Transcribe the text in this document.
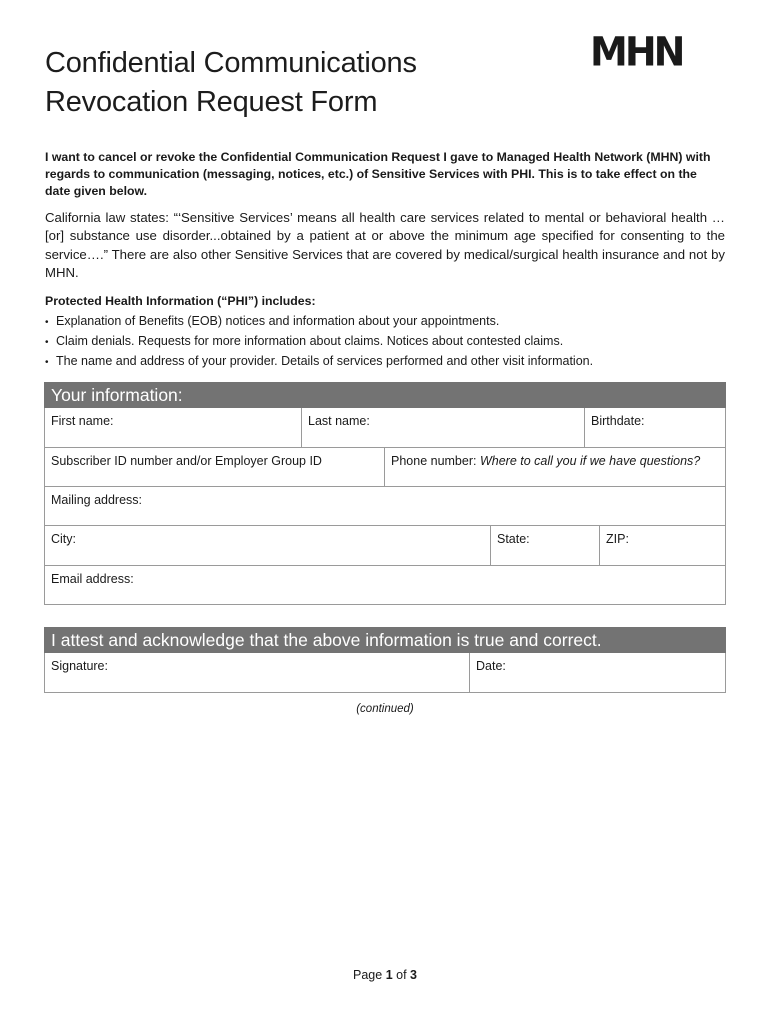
Confidential Communications
Revocation Request Form
MHN

I want to cancel or revoke the Confidential Communication Request I gave to Managed Health Network (MHN) with regards to communication (messaging, notices, etc.) of Sensitive Services with PHI. This is to take effect on the date given below.

California law states: “‘Sensitive Services’ means all health care services related to mental or behavioral health … [or] substance use disorder...obtained by a patient at or above the minimum age specified for consenting to the service….” There are also other Sensitive Services that are covered by medical/surgical health insurance and not by MHN.

Protected Health Information (“PHI”) includes:

• Explanation of Benefits (EOB) notices and information about your appointments.
• Claim denials. Requests for more information about claims. Notices about contested claims.
• The name and address of your provider. Details of services performed and other visit information.
Your information:
First name:	Last name:	Birthdate:
Subscriber ID number and/or Employer Group ID	Phone number: Where to call you if we have questions?
Mailing address:
City:	State:	ZIP:
Email address:
I attest and acknowledge that the above information is true and correct.
Signature:	Date:
(continued)
Page 1 of 3
